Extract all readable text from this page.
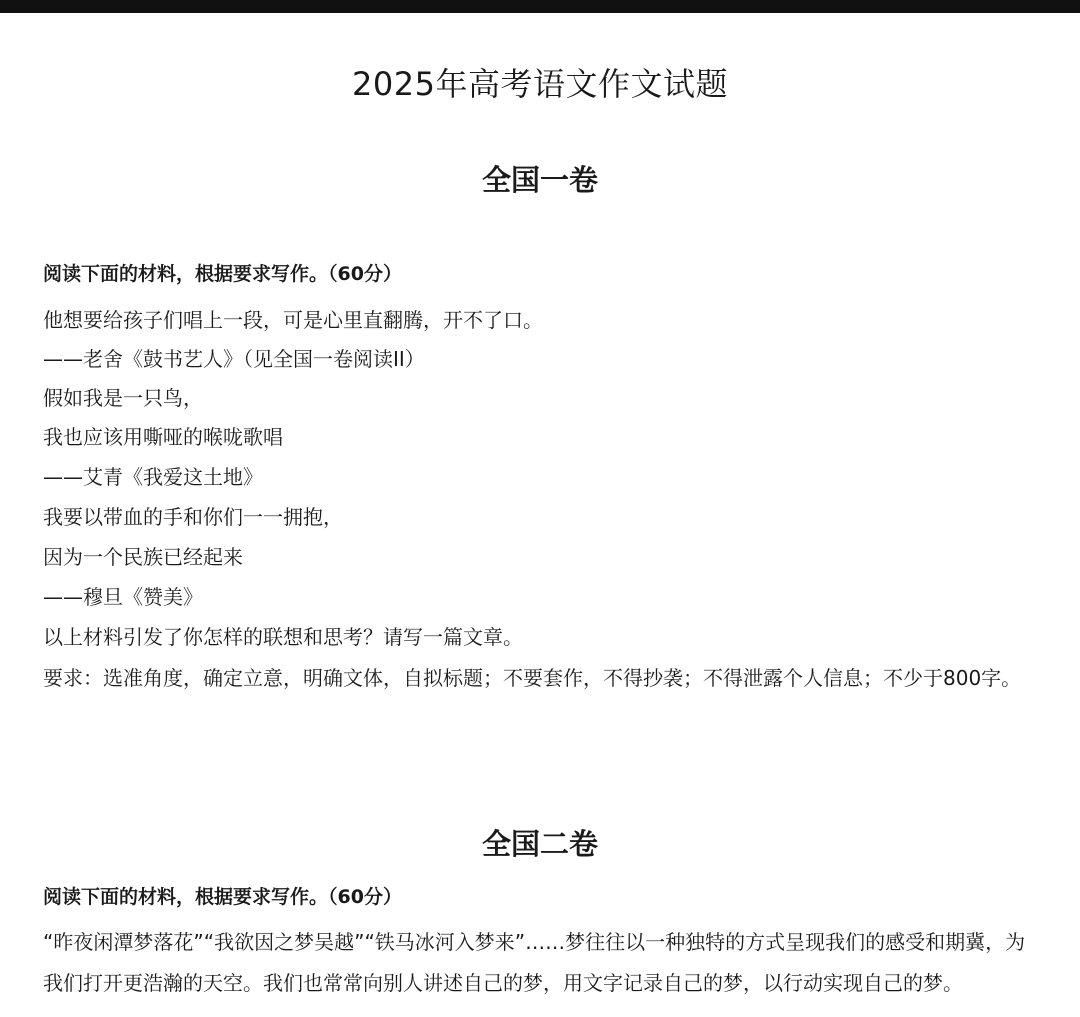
2025年高考语文作文试题
全国一卷

阅读下面的材料，根据要求写作。（60分）

他想要给孩子们唱上一段，可是心里直翻腾，开不了口。

——老舍《鼓书艺人》（见全国一卷阅读II）

假如我是一只鸟，

我也应该用嘶哑的喉咙歌唱

——艾青《我爱这土地》

我要以带血的手和你们一一拥抱，

因为一个民族已经起来

——穆旦《赞美》

以上材料引发了你怎样的联想和思考？请写一篇文章。

要求：选准角度，确定立意，明确文体，自拟标题；不要套作，不得抄袭；不得泄露个人信息；不少于800字。

全国二卷

阅读下面的材料，根据要求写作。（60分）

“昨夜闲潭梦落花”“我欲因之梦吴越”“铁马冰河入梦来”……梦往往以一种独特的方式呈现我们的感受和期冀，为我们打开更浩瀚的天空。我们也常常向别人讲述自己的梦，用文字记录自己的梦，以行动实现自己的梦。
